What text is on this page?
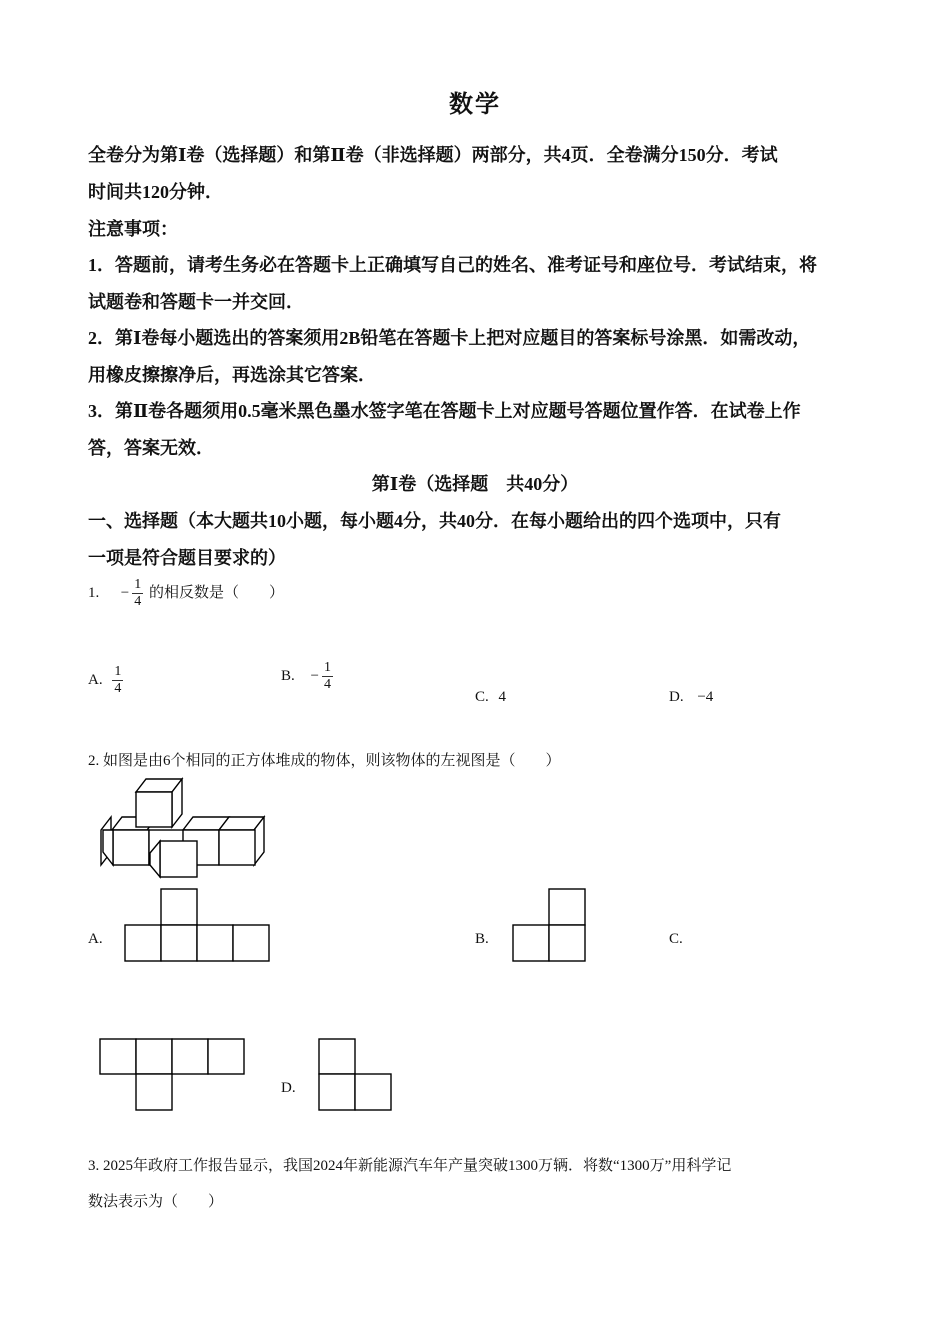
数学
全卷分为第Ⅰ卷（选择题）和第Ⅱ卷（非选择题）两部分，共4页．全卷满分150分．考试
时间共120分钟．
注意事项：
1．答题前，请考生务必在答题卡上正确填写自己的姓名、准考证号和座位号．考试结束，将
试题卷和答题卡一并交回．
2．第Ⅰ卷每小题选出的答案须用2B铅笔在答题卡上把对应题目的答案标号涂黑．如需改动，
用橡皮擦擦净后，再选涂其它答案．
3．第Ⅱ卷各题须用0.5毫米黑色墨水签字笔在答题卡上对应题号答题位置作答．在试卷上作
答，答案无效．
第Ⅰ卷（选择题　共40分）
一、选择题（本大题共10小题，每小题4分，共40分．在每小题给出的四个选项中，只有
一项是符合题目要求的）
1. − $\frac{1}{4}$ 的相反数是（　　）
A. $\frac{1}{4}$	B. − $\frac{1}{4}$
C. 4	D. −4
2. 如图是由6个相同的正方体堆成的物体，则该物体的左视图是（　　）
A.	B.	C.
D.
3. 2025年政府工作报告显示，我国2024年新能源汽车年产量突破1300万辆．将数“1300万”用科学记
数法表示为（　　）
